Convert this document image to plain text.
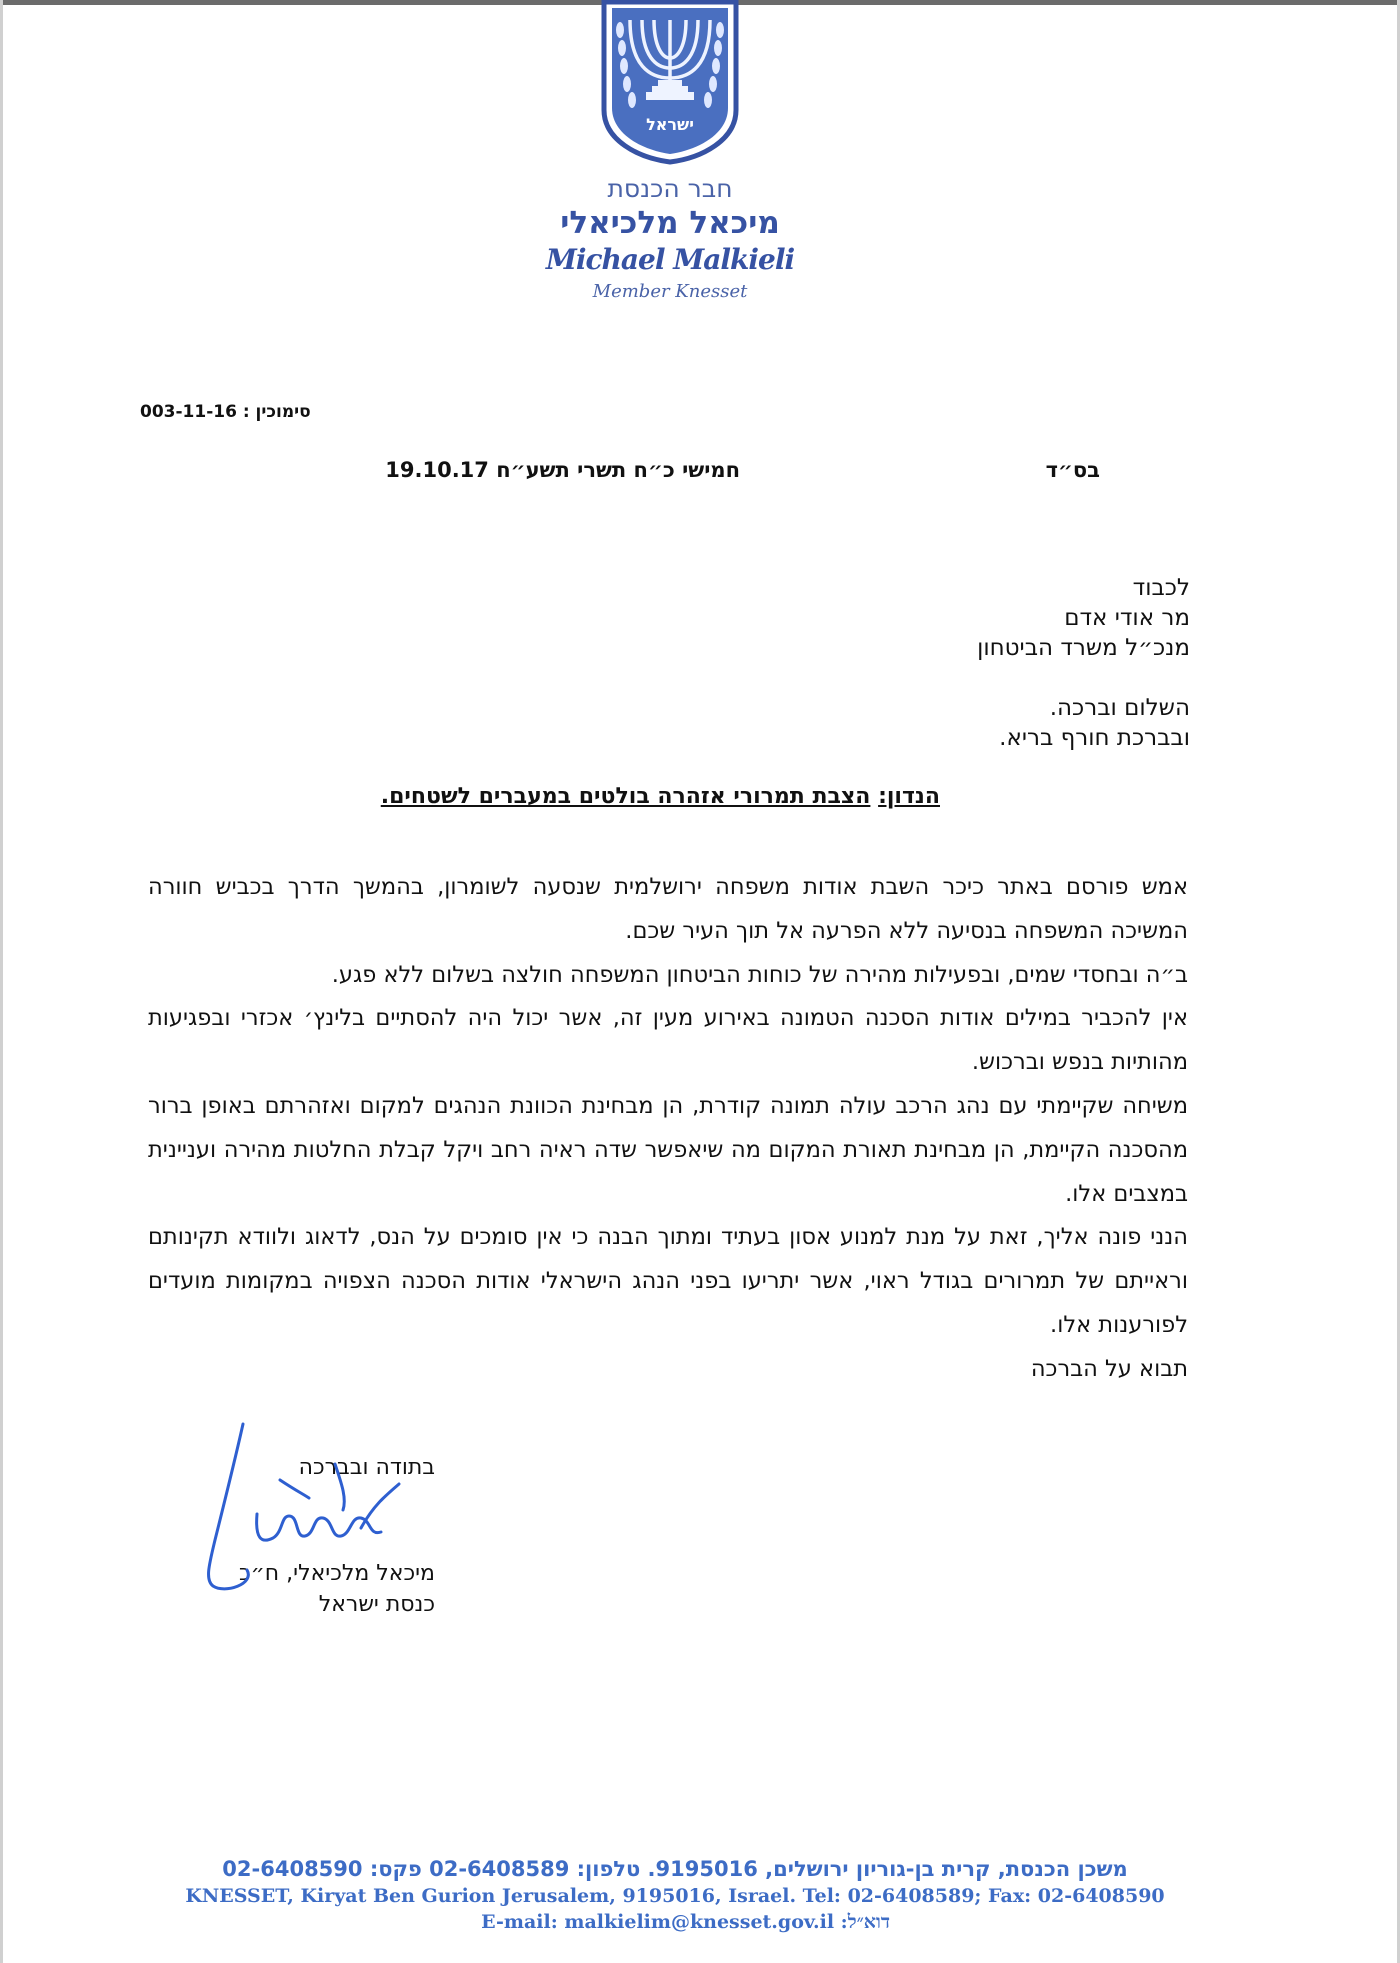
ישראל
חבר הכנסת
מיכאל מלכיאלי
Michael Malkieli
Member Knesset
סימוכין : 003-11-16
חמישי כ״ח תשרי תשע״ח 19.10.17	בס״ד
לכבוד
מר אודי אדם
מנכ״ל משרד הביטחון
השלום וברכה.
ובברכת חורף בריא.
הנדון: הצבת תמרורי אזהרה בולטים במעברים לשטחים.

אמש פורסם באתר כיכר השבת אודות משפחה ירושלמית שנסעה לשומרון, בהמשך הדרך בכביש חוורה המשיכה המשפחה בנסיעה ללא הפרעה אל תוך העיר שכם.

ב״ה ובחסדי שמים, ובפעילות מהירה של כוחות הביטחון המשפחה חולצה בשלום ללא פגע.

אין להכביר במילים אודות הסכנה הטמונה באירוע מעין זה, אשר יכול היה להסתיים בלינץ׳ אכזרי ובפגיעות מהותיות בנפש וברכוש.

משיחה שקיימתי עם נהג הרכב עולה תמונה קודרת, הן מבחינת הכוונת הנהגים למקום ואזהרתם באופן ברור מהסכנה הקיימת, הן מבחינת תאורת המקום מה שיאפשר שדה ראיה רחב ויקל קבלת החלטות מהירה ועניינית במצבים אלו.

הנני פונה אליך, זאת על מנת למנוע אסון בעתיד ומתוך הבנה כי אין סומכים על הנס, לדאוג ולוודא תקינותם וראייתם של תמרורים בגודל ראוי, אשר יתריעו בפני הנהג הישראלי אודות הסכנה הצפויה במקומות מועדים לפורענות אלו.

תבוא על הברכה

בתודה ובברכה
מיכאל מלכיאלי, ח״כ
כנסת ישראל
משכן הכנסת, קרית בן-גוריון ירושלים, 9195016. טלפון: 02-6408589 פקס: 02-6408590
KNESSET, Kiryat Ben Gurion Jerusalem, 9195016, Israel. Tel: 02-6408589; Fax: 02-6408590
דוא״ל: E-mail: malkielim@knesset.gov.il
